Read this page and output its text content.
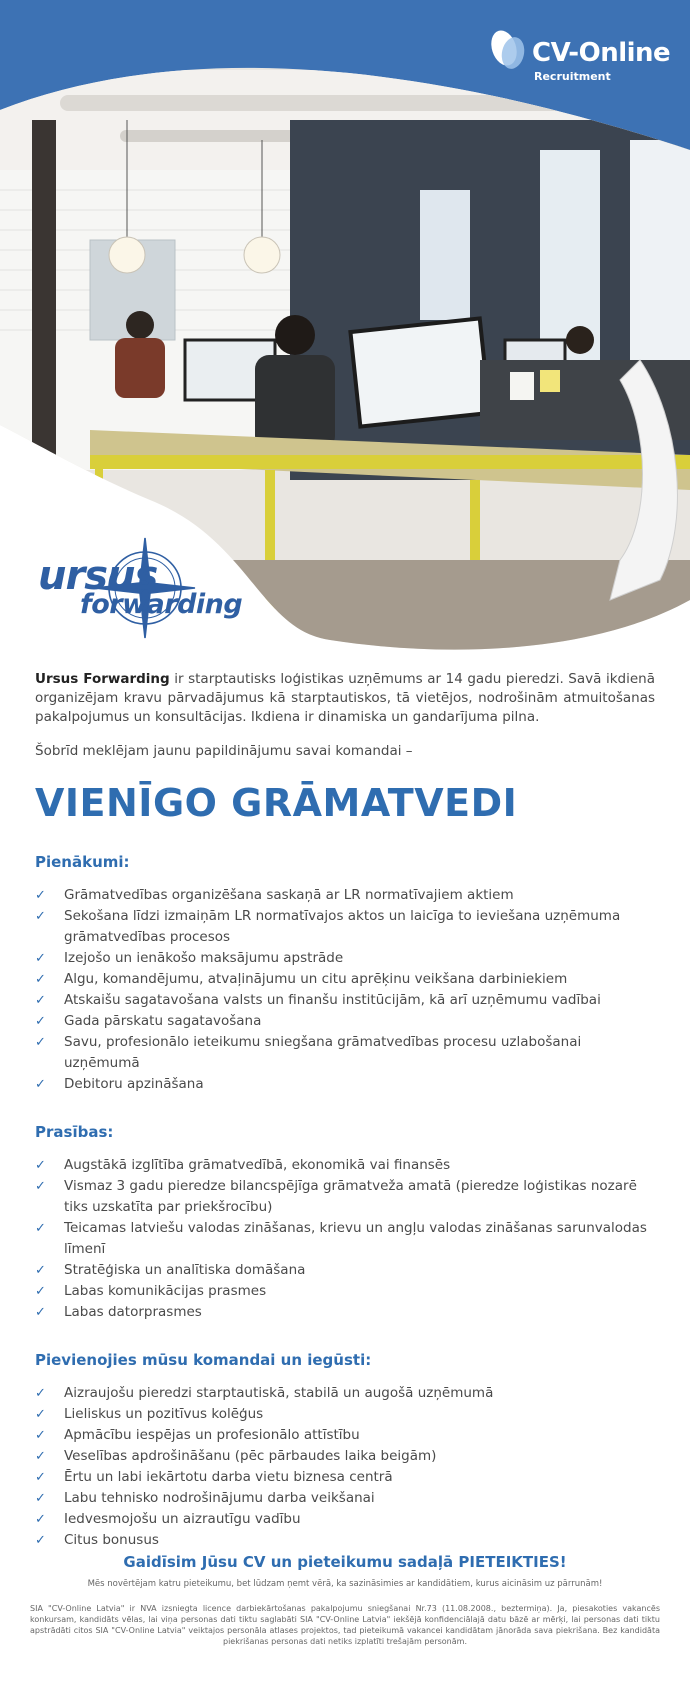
CV-Online
Recruitment
ursus
forwarding

Ursus Forwarding ir starptautisks loģistikas uzņēmums ar 14 gadu pieredzi. Savā ikdienā organizējam kravu pārvadājumus kā starptautiskos, tā vietējos, nodrošinām atmuitošanas pakalpojumus un konsultācijas. Ikdiena ir dinamiska un gandarījuma pilna.

Šobrīd meklējam jaunu papildinājumu savai komandai –

VIENĪGO GRĀMATVEDI
Pienākumi:
✓ Grāmatvedības organizēšana saskaņā ar LR normatīvajiem aktiem
✓ Sekošana līdzi izmaiņām LR normatīvajos aktos un laicīga to ieviešana uzņēmuma grāmatvedības procesos
✓ Izejošo un ienākošo maksājumu apstrāde
✓ Algu, komandējumu, atvaļinājumu un citu aprēķinu veikšana darbiniekiem
✓ Atskaišu sagatavošana valsts un finanšu institūcijām, kā arī uzņēmumu vadībai
✓ Gada pārskatu sagatavošana
✓ Savu, profesionālo ieteikumu sniegšana grāmatvedības procesu uzlabošanai uzņēmumā
✓ Debitoru apzināšana
Prasības:
✓ Augstākā izglītība grāmatvedībā, ekonomikā vai finansēs
✓ Vismaz 3 gadu pieredze bilancspējīga grāmatveža amatā (pieredze loģistikas nozarē tiks uzskatīta par priekšrocību)
✓ Teicamas latviešu valodas zināšanas, krievu un angļu valodas zināšanas sarunvalodas līmenī
✓ Stratēģiska un analītiska domāšana
✓ Labas komunikācijas prasmes
✓ Labas datorprasmes
Pievienojies mūsu komandai un iegūsti:
✓ Aizraujošu pieredzi starptautiskā, stabilā un augošā uzņēmumā
✓ Lieliskus un pozitīvus kolēģus
✓ Apmācību iespējas un profesionālo attīstību
✓ Veselības apdrošināšanu (pēc pārbaudes laika beigām)
✓ Ērtu un labi iekārtotu darba vietu biznesa centrā
✓ Labu tehnisko nodrošinājumu darba veikšanai
✓ Iedvesmojošu un aizrautīgu vadību
✓ Citus bonusus
Gaidīsim Jūsu CV un pieteikumu sadaļā PIETEIKTIES!
Mēs novērtējam katru pieteikumu, bet lūdzam ņemt vērā, ka sazināsimies ar kandidātiem, kurus aicināsim uz pārrunām!
SIA "CV-Online Latvia" ir NVA izsniegta licence darbiekārtošanas pakalpojumu sniegšanai Nr.73 (11.08.2008., beztermiņa). Ja, piesakoties vakancēs konkursam, kandidāts vēlas, lai viņa personas dati tiktu saglabāti SIA "CV-Online Latvia" iekšējā konfidenciālajā datu bāzē ar mērķi, lai personas dati tiktu apstrādāti citos SIA "CV-Online Latvia" veiktajos personāla atlases projektos, tad pieteikumā vakancei kandidātam jānorāda sava piekrišana. Bez kandidāta piekrišanas personas dati netiks izplatīti trešajām personām.
